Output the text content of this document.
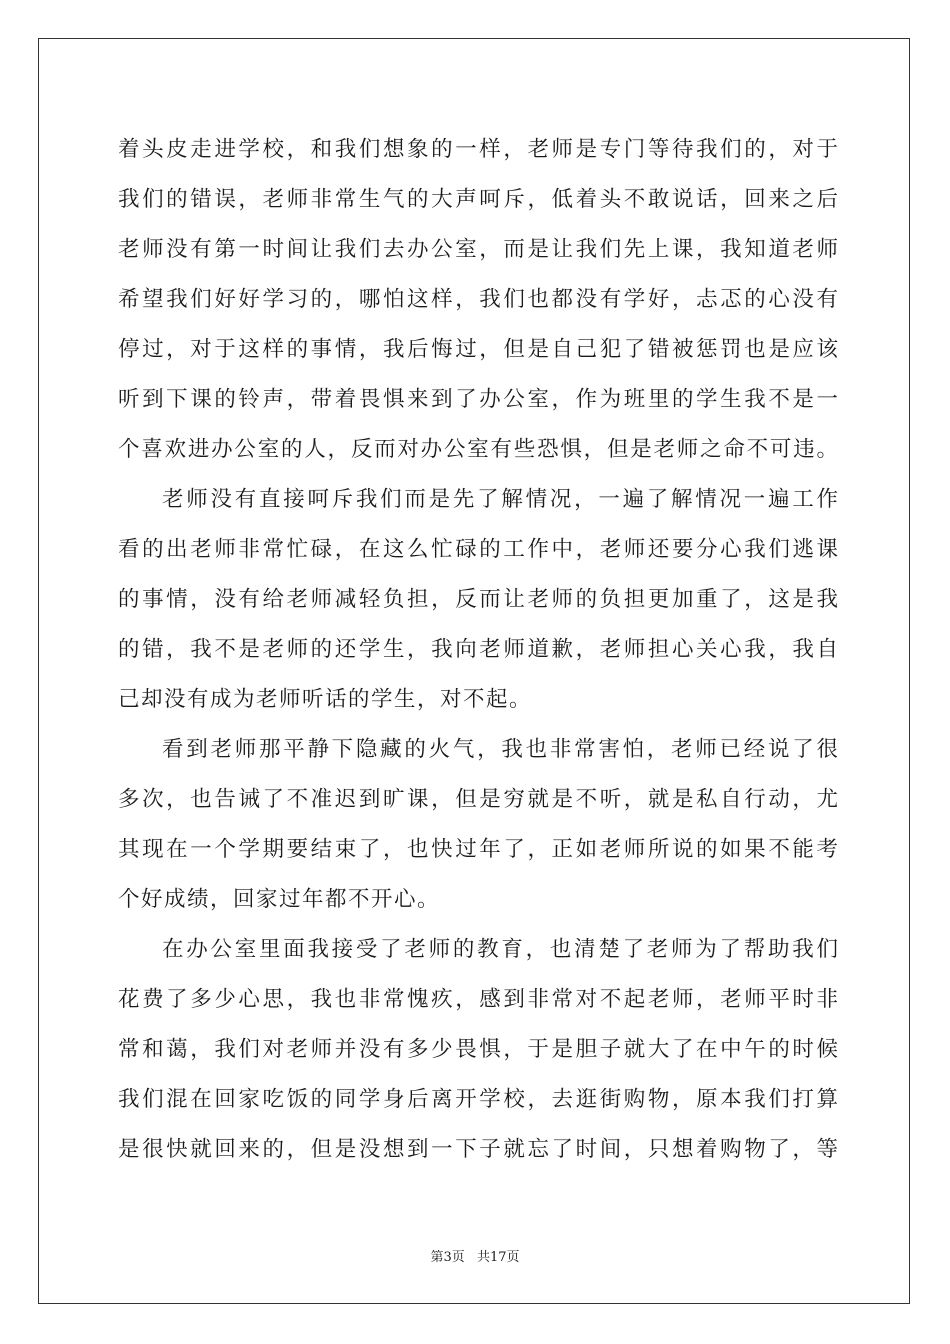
着头皮走进学校，和我们想象的一样，老师是专门等待我们的，对于
我们的错误，老师非常生气的大声呵斥，低着头不敢说话，回来之后
老师没有第一时间让我们去办公室，而是让我们先上课，我知道老师
希望我们好好学习的，哪怕这样，我们也都没有学好，忐忑的心没有
停过，对于这样的事情，我后悔过，但是自己犯了错被惩罚也是应该
听到下课的铃声，带着畏惧来到了办公室，作为班里的学生我不是一
个喜欢进办公室的人，反而对办公室有些恐惧，但是老师之命不可违。
老师没有直接呵斥我们而是先了解情况，一遍了解情况一遍工作
看的出老师非常忙碌，在这么忙碌的工作中，老师还要分心我们逃课
的事情，没有给老师减轻负担，反而让老师的负担更加重了，这是我
的错，我不是老师的还学生，我向老师道歉，老师担心关心我，我自
己却没有成为老师听话的学生，对不起。
看到老师那平静下隐藏的火气，我也非常害怕，老师已经说了很
多次，也告诫了不准迟到旷课，但是穷就是不听，就是私自行动，尤
其现在一个学期要结束了，也快过年了，正如老师所说的如果不能考
个好成绩，回家过年都不开心。
在办公室里面我接受了老师的教育，也清楚了老师为了帮助我们
花费了多少心思，我也非常愧疚，感到非常对不起老师，老师平时非
常和蔼，我们对老师并没有多少畏惧，于是胆子就大了在中午的时候
我们混在回家吃饭的同学身后离开学校，去逛街购物，原本我们打算
是很快就回来的，但是没想到一下子就忘了时间，只想着购物了，等
第3页 共17页
